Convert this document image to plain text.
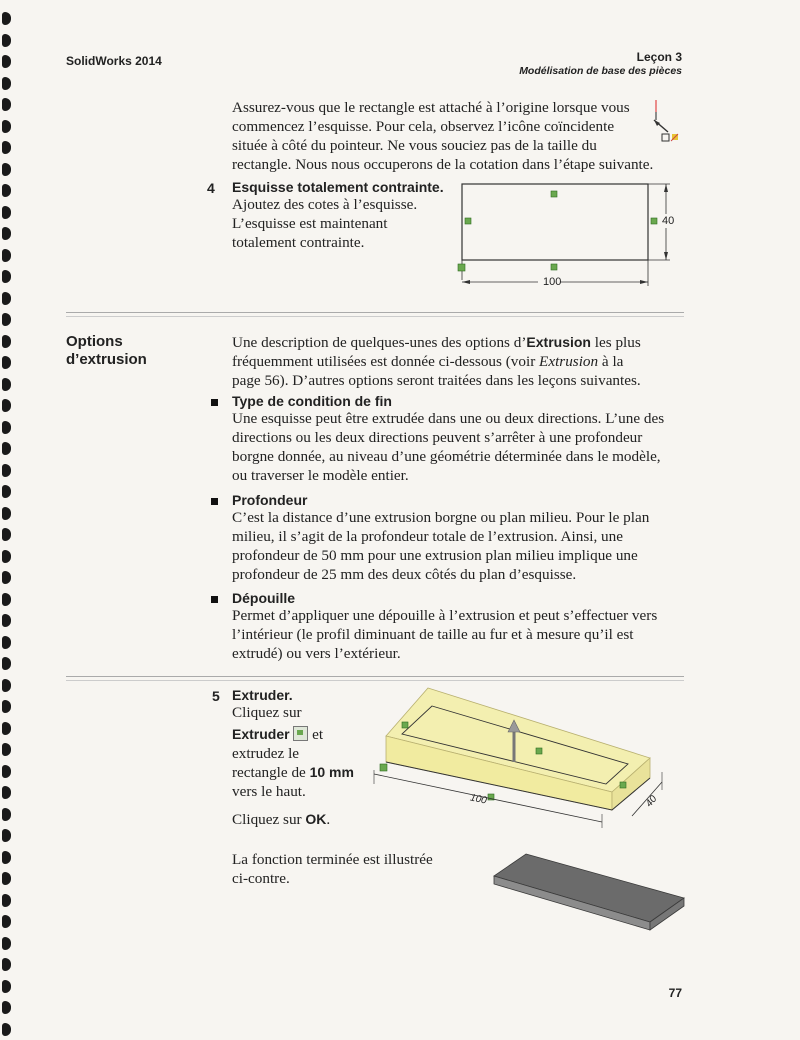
SolidWorks 2014	Leçon 3
Modélisation de base des pièces
Assurez-vous que le rectangle est attaché à l’origine lorsque vous
commencez l’esquisse. Pour cela, observez l’icône coïncidente
située à côté du pointeur. Ne vous souciez pas de la taille du
rectangle. Nous nous occuperons de la cotation dans l’étape suivante.
4 Esquisse totalement contrainte.
Ajoutez des cotes à l’esquisse.
L’esquisse est maintenant
totalement contrainte.
100
40
Options
d’extrusion
Une description de quelques-unes des options d’Extrusion les plus
fréquemment utilisées est donnée ci-dessous (voir Extrusion à la
page 56). D’autres options seront traitées dans les leçons suivantes.
Type de condition de fin
Une esquisse peut être extrudée dans une ou deux directions. L’une des
directions ou les deux directions peuvent s’arrêter à une profondeur
borgne donnée, au niveau d’une géométrie déterminée dans le modèle,
ou traverser le modèle entier.
Profondeur
C’est la distance d’une extrusion borgne ou plan milieu. Pour le plan
milieu, il s’agit de la profondeur totale de l’extrusion. Ainsi, une
profondeur de 50 mm pour une extrusion plan milieu implique une
profondeur de 25 mm des deux côtés du plan d’esquisse.
Dépouille
Permet d’appliquer une dépouille à l’extrusion et peut s’effectuer vers
l’intérieur (le profil diminuant de taille au fur et à mesure qu’il est
extrudé) ou vers l’extérieur.
5 Extruder.
Cliquez sur
Extruder et
extrudez le
rectangle de 10 mm
vers le haut.
Cliquez sur OK.
100	40
La fonction terminée est illustrée
ci-contre.
77
